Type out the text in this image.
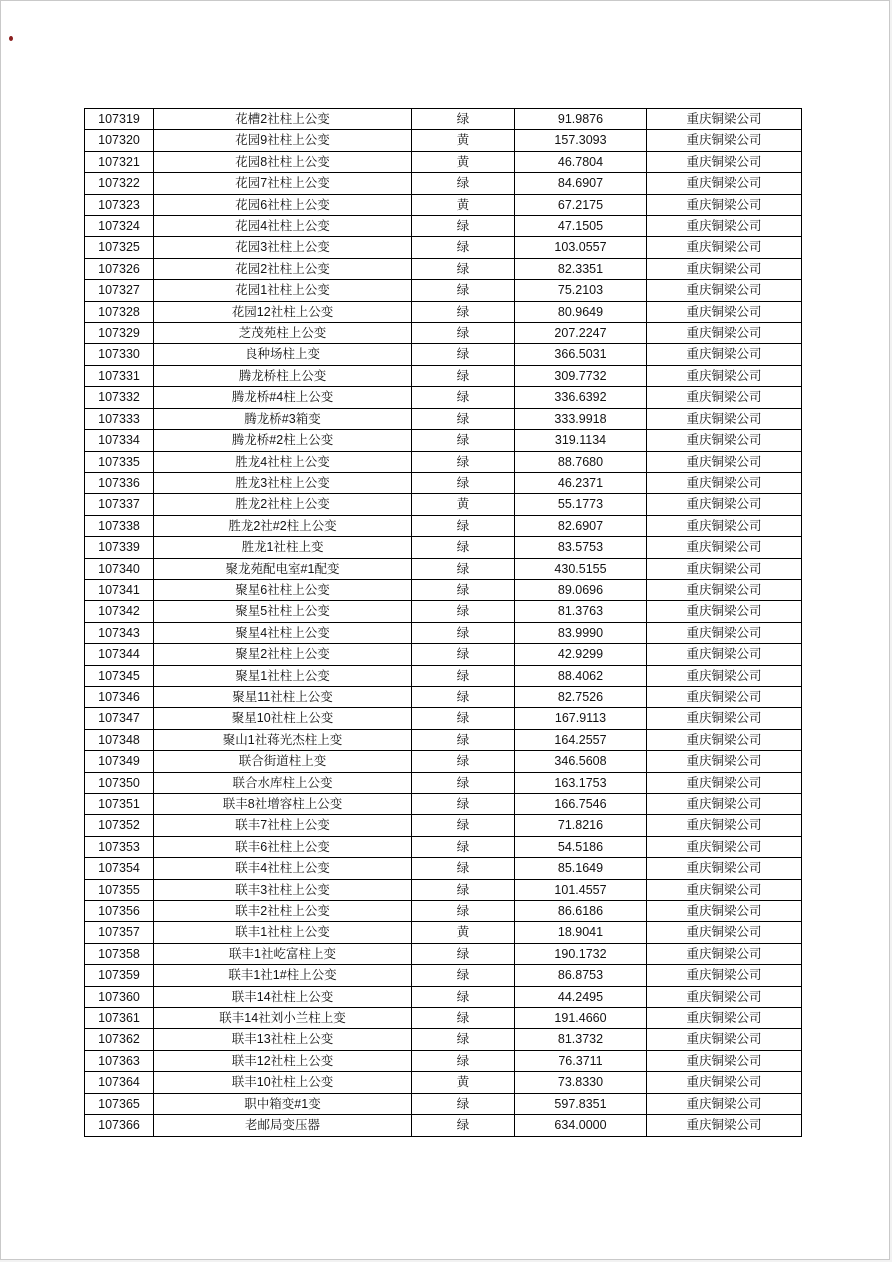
107319	花槽2社柱上公变	绿	91.9876	重庆铜梁公司
107320	花园9社柱上公变	黄	157.3093	重庆铜梁公司
107321	花园8社柱上公变	黄	46.7804	重庆铜梁公司
107322	花园7社柱上公变	绿	84.6907	重庆铜梁公司
107323	花园6社柱上公变	黄	67.2175	重庆铜梁公司
107324	花园4社柱上公变	绿	47.1505	重庆铜梁公司
107325	花园3社柱上公变	绿	103.0557	重庆铜梁公司
107326	花园2社柱上公变	绿	82.3351	重庆铜梁公司
107327	花园1社柱上公变	绿	75.2103	重庆铜梁公司
107328	花园12社柱上公变	绿	80.9649	重庆铜梁公司
107329	芝茂苑柱上公变	绿	207.2247	重庆铜梁公司
107330	良种场柱上变	绿	366.5031	重庆铜梁公司
107331	腾龙桥柱上公变	绿	309.7732	重庆铜梁公司
107332	腾龙桥#4柱上公变	绿	336.6392	重庆铜梁公司
107333	腾龙桥#3箱变	绿	333.9918	重庆铜梁公司
107334	腾龙桥#2柱上公变	绿	319.1134	重庆铜梁公司
107335	胜龙4社柱上公变	绿	88.7680	重庆铜梁公司
107336	胜龙3社柱上公变	绿	46.2371	重庆铜梁公司
107337	胜龙2社柱上公变	黄	55.1773	重庆铜梁公司
107338	胜龙2社#2柱上公变	绿	82.6907	重庆铜梁公司
107339	胜龙1社柱上变	绿	83.5753	重庆铜梁公司
107340	聚龙苑配电室#1配变	绿	430.5155	重庆铜梁公司
107341	聚星6社柱上公变	绿	89.0696	重庆铜梁公司
107342	聚星5社柱上公变	绿	81.3763	重庆铜梁公司
107343	聚星4社柱上公变	绿	83.9990	重庆铜梁公司
107344	聚星2社柱上公变	绿	42.9299	重庆铜梁公司
107345	聚星1社柱上公变	绿	88.4062	重庆铜梁公司
107346	聚星11社柱上公变	绿	82.7526	重庆铜梁公司
107347	聚星10社柱上公变	绿	167.9113	重庆铜梁公司
107348	聚山1社蒋光杰柱上变	绿	164.2557	重庆铜梁公司
107349	联合街道柱上变	绿	346.5608	重庆铜梁公司
107350	联合水库柱上公变	绿	163.1753	重庆铜梁公司
107351	联丰8社增容柱上公变	绿	166.7546	重庆铜梁公司
107352	联丰7社柱上公变	绿	71.8216	重庆铜梁公司
107353	联丰6社柱上公变	绿	54.5186	重庆铜梁公司
107354	联丰4社柱上公变	绿	85.1649	重庆铜梁公司
107355	联丰3社柱上公变	绿	101.4557	重庆铜梁公司
107356	联丰2社柱上公变	绿	86.6186	重庆铜梁公司
107357	联丰1社柱上公变	黄	18.9041	重庆铜梁公司
107358	联丰1社屹富柱上变	绿	190.1732	重庆铜梁公司
107359	联丰1社1#柱上公变	绿	86.8753	重庆铜梁公司
107360	联丰14社柱上公变	绿	44.2495	重庆铜梁公司
107361	联丰14社刘小兰柱上变	绿	191.4660	重庆铜梁公司
107362	联丰13社柱上公变	绿	81.3732	重庆铜梁公司
107363	联丰12社柱上公变	绿	76.3711	重庆铜梁公司
107364	联丰10社柱上公变	黄	73.8330	重庆铜梁公司
107365	职中箱变#1变	绿	597.8351	重庆铜梁公司
107366	老邮局变压器	绿	634.0000	重庆铜梁公司
